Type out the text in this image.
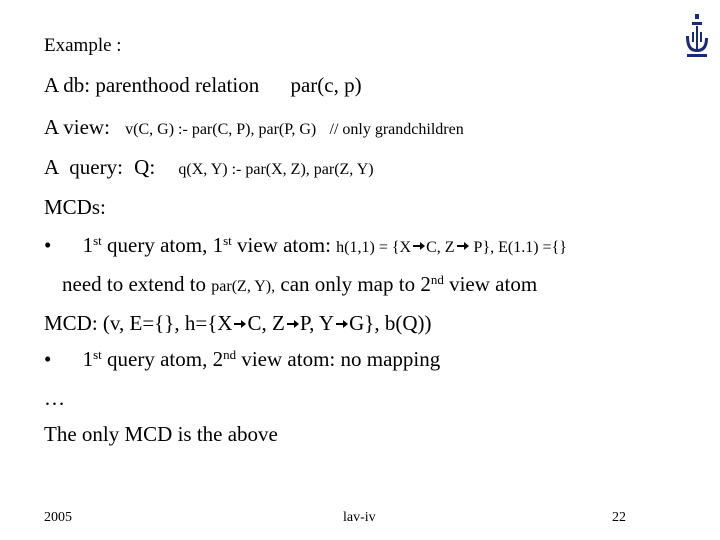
Example :
A db: parenthood relation par(c, p)
A view: v(C, G) :- par(C, P), par(P, G) // only grandchildren
A query: Q: q(X, Y) :- par(X, Z), par(Z, Y)
MCDs:
• 1st query atom, 1st view atom: h(1,1) = {X C, Z P}, E(1.1) ={}
need to extend to par(Z, Y), can only map to 2nd view atom
MCD: (v, E={}, h={X C, Z P, Y G}, b(Q))
• 1st query atom, 2nd view atom: no mapping
…
The only MCD is the above
2005	lav-iv	22
